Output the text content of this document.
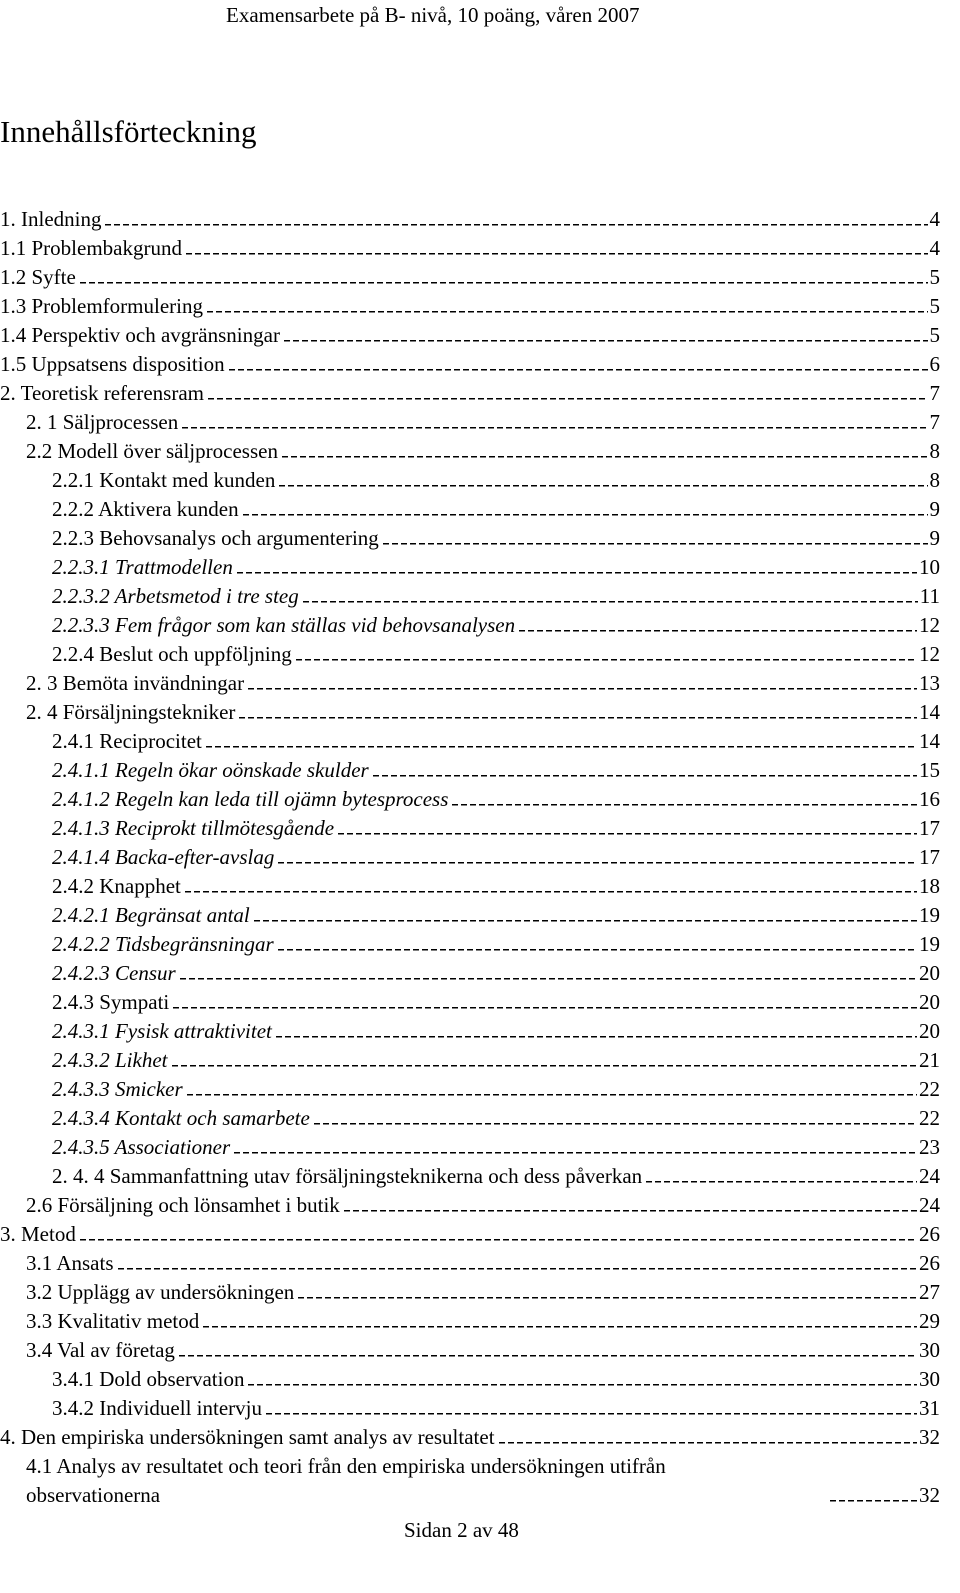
Examensarbete på B- nivå, 10 poäng, våren 2007
Innehållsförteckning
1. Inledning	4
1.1 Problembakgrund	4
1.2 Syfte	5
1.3 Problemformulering	5
1.4 Perspektiv och avgränsningar	5
1.5 Uppsatsens disposition	6
2. Teoretisk referensram	7
2. 1 Säljprocessen	7
2.2 Modell över säljprocessen	8
2.2.1 Kontakt med kunden	8
2.2.2 Aktivera kunden	9
2.2.3 Behovsanalys och argumentering	9
2.2.3.1 Trattmodellen	10
2.2.3.2 Arbetsmetod i tre steg	11
2.2.3.3 Fem frågor som kan ställas vid behovsanalysen	12
2.2.4 Beslut och uppföljning	12
2. 3 Bemöta invändningar	13
2. 4 Försäljningstekniker	14
2.4.1 Reciprocitet	14
2.4.1.1 Regeln ökar oönskade skulder	15
2.4.1.2 Regeln kan leda till ojämn bytesprocess	16
2.4.1.3 Reciprokt tillmötesgående	17
2.4.1.4 Backa-efter-avslag	17
2.4.2 Knapphet	18
2.4.2.1 Begränsat antal	19
2.4.2.2 Tidsbegränsningar	19
2.4.2.3 Censur	20
2.4.3 Sympati	20
2.4.3.1 Fysisk attraktivitet	20
2.4.3.2 Likhet	21
2.4.3.3 Smicker	22
2.4.3.4 Kontakt och samarbete	22
2.4.3.5 Associationer	23
2. 4. 4 Sammanfattning utav försäljningsteknikerna och dess påverkan	24
2.6 Försäljning och lönsamhet i butik	24
3. Metod	26
3.1 Ansats	26
3.2 Upplägg av undersökningen	27
3.3 Kvalitativ metod	29
3.4 Val av företag	30
3.4.1 Dold observation	30
3.4.2 Individuell intervju	31
4. Den empiriska undersökningen samt analys av resultatet	32
4.1 Analys av resultatet och teori från den empiriska undersökningen utifrån
observationerna	32
Sidan 2 av 48
